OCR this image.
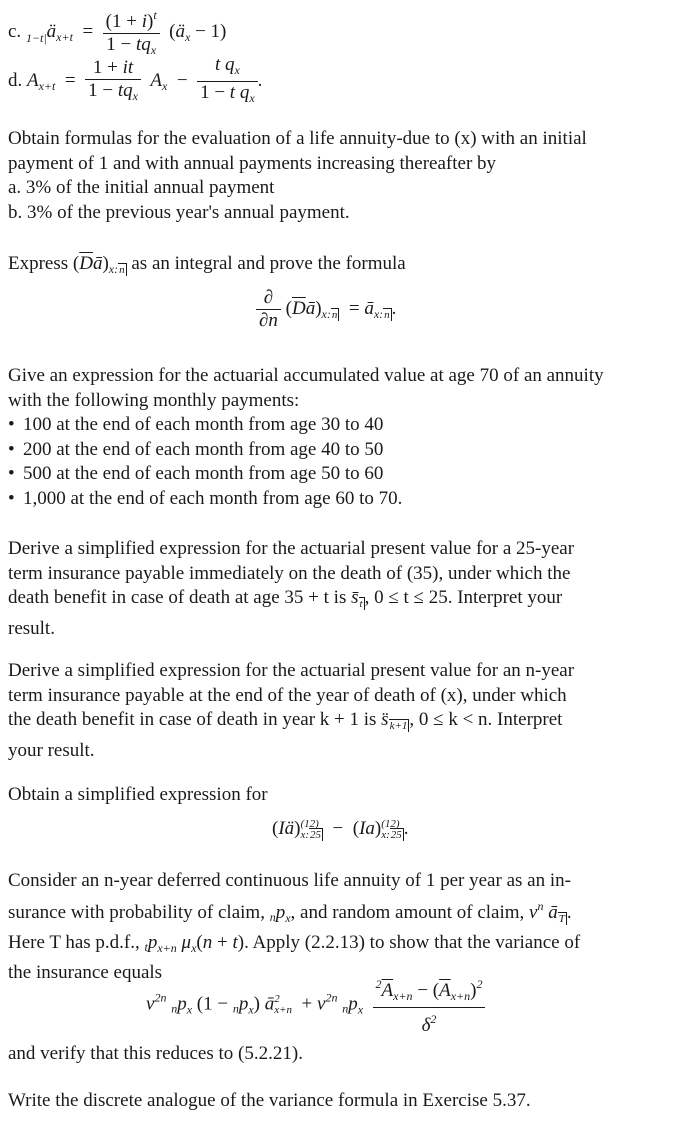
c. $_{1-t|}ä_{x+t} = \frac{(1 + i)^t}{1 - tq_x}$ $(ä_x - 1)$
d. $A_{x+t} = \frac{1 + it}{1 - tq_x} A_x - \frac{t q_x}{1 - t q_x}$ .

Obtain formulas for the evaluation of a life annuity-due to (x) with an initial

payment of 1 and with annual payments increasing thereafter by

a. 3% of the initial annual payment

b. 3% of the previous year's annual payment.

Express $(\overline{D}ā)_{x:n}$ as an integral and prove the formula

$\frac{\partial}{\partial n}$ $(\overline{D}ā)_{x:n}$  = $ā_{x:n}$ .

Give an expression for the actuarial accumulated value at age 70 of an annuity

with the following monthly payments:

• 100 at the end of each month from age 30 to 40

• 200 at the end of each month from age 40 to 50

• 500 at the end of each month from age 50 to 60

• 1,000 at the end of each month from age 60 to 70.

Derive a simplified expression for the actuarial present value for a 25-year

term insurance payable immediately on the death of (35), under which the

death benefit in case of death at age 35 + t is $s̄_t$ , 0 ≤ t ≤ 25. Interpret your

result.

Derive a simplified expression for the actuarial present value for an n-year

term insurance payable at the end of the year of death of (x), under which

the death benefit in case of death in year k + 1 is $s̈_{k+1}$ , 0 ≤ k < n. Interpret

your result.

Obtain a simplified expression for

(Iä)(12)
x:25  −  (Ia)(12)
x:25 .

Consider an n-year deferred continuous life annuity of 1 per year as an in-

surance with probability of claim, $_np_x$, and random amount of claim, $v^n$ $ā_T$ .

Here T has p.d.f., $_tp_{x+n}$ $\mu_x(n + t)$. Apply (2.2.13) to show that the variance of

the insurance equals

$v^{2n}$ $_np_x$ $(1 - _np_x)$ ā2
$x+n + v^{2n}$ $_np_x \frac{^2\overline{A}_{x+n} - (\overline{A}_{x+n})^2}{\delta^2}$

and verify that this reduces to (5.2.21).

Write the discrete analogue of the variance formula in Exercise 5.37.
